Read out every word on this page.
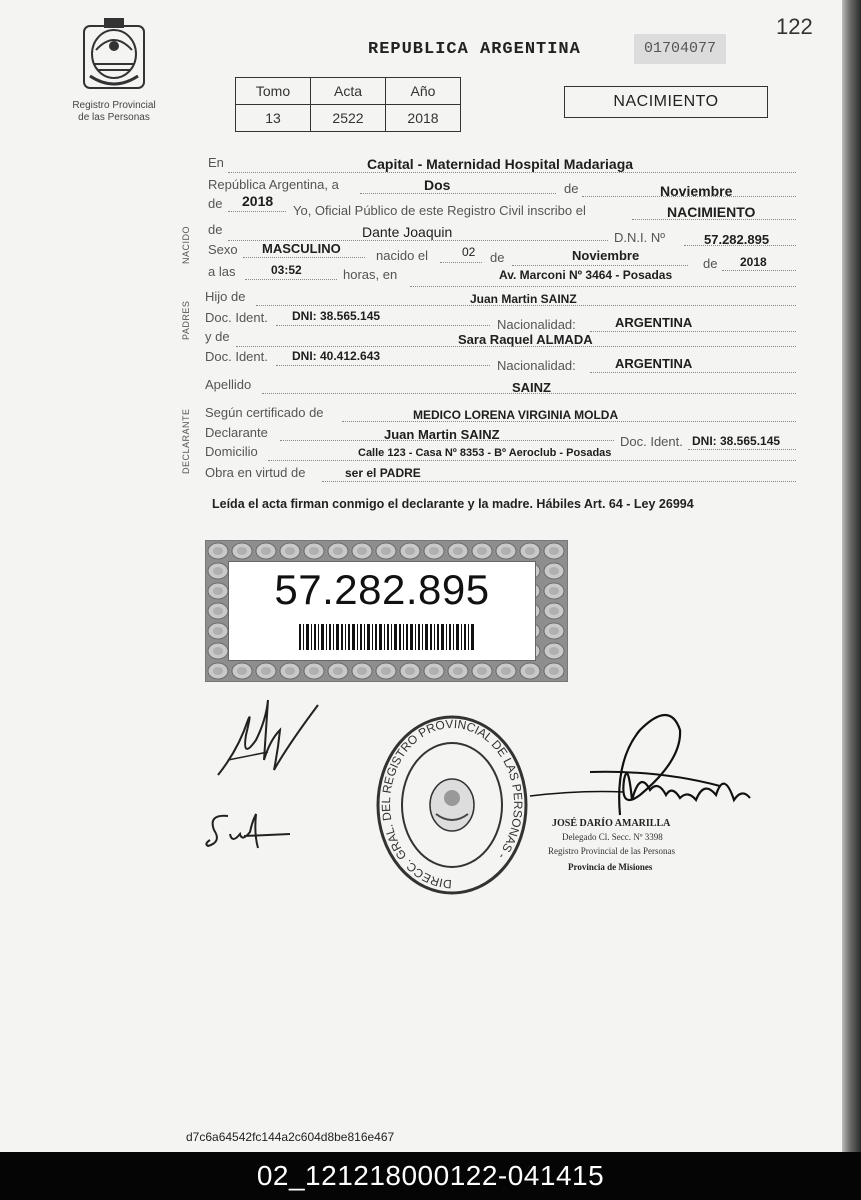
122
Registro Provincial
de las Personas
REPUBLICA ARGENTINA	01704077
Tomo	Acta	Año
13	2522	2018
NACIMIENTO
NACIDO
PADRES
DECLARANTE
En	Capital - Maternidad Hospital Madariaga
República Argentina, a	Dos	de	Noviembre
de 2018
Yo, Oficial Público de este Registro Civil inscribo el	NACIMIENTO
de	Dante Joaquin	D.N.I. Nº	57.282.895
Sexo MASCULINO	nacido el	02 de	Noviembre
de 2018
a las	03:52	horas, en	Av. Marconi Nº 3464 - Posadas
Hijo de	Juan Martin SAINZ
Doc. Ident. DNI: 38.565.145
Nacionalidad:	ARGENTINA
y de	Sara Raquel ALMADA
Doc. Ident. DNI: 40.412.643
Nacionalidad:	ARGENTINA
Apellido	SAINZ
Según certificado de	MEDICO LORENA VIRGINIA MOLDA
Declarante	Juan Martin SAINZ	Doc. Ident. DNI: 38.565.145
Domicilio	Calle 123 - Casa Nº 8353 - Bº Aeroclub - Posadas
Obra en virtud de	ser el PADRE
Leída el acta firman conmigo el declarante y la madre. Hábiles Art. 64 - Ley 26994
57.282.895
DIRECC. GRAL. DEL REGISTRO PROVINCIAL DE LAS PERSONAS -
JOSÉ DARÍO AMARILLA
Delegado Cl. Secc. Nº 3398
Registro Provincial de las Personas
Provincia de Misiones
d7c6a64542fc144a2c604d8be816e467
02_121218000122-041415
